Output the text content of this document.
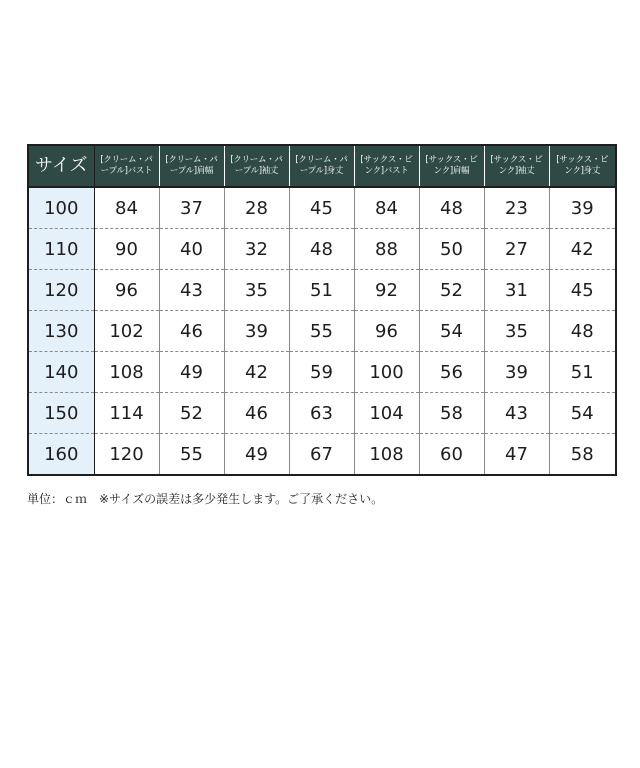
サイズ	[クリーム・パープル]バスト	[クリーム・パープル]肩幅	[クリーム・パープル]袖丈	[クリーム・パープル]身丈	[サックス・ピンク]バスト	[サックス・ピンク]肩幅	[サックス・ピンク]袖丈	[サックス・ピンク]身丈
100	84	37	28	45	84	48	23	39
110	90	40	32	48	88	50	27	42
120	96	43	35	51	92	52	31	45
130	102	46	39	55	96	54	35	48
140	108	49	42	59	100	56	39	51
150	114	52	46	63	104	58	43	54
160	120	55	49	67	108	60	47	58
単位：ｃｍ　※サイズの誤差は多少発生します。ご了承ください。
